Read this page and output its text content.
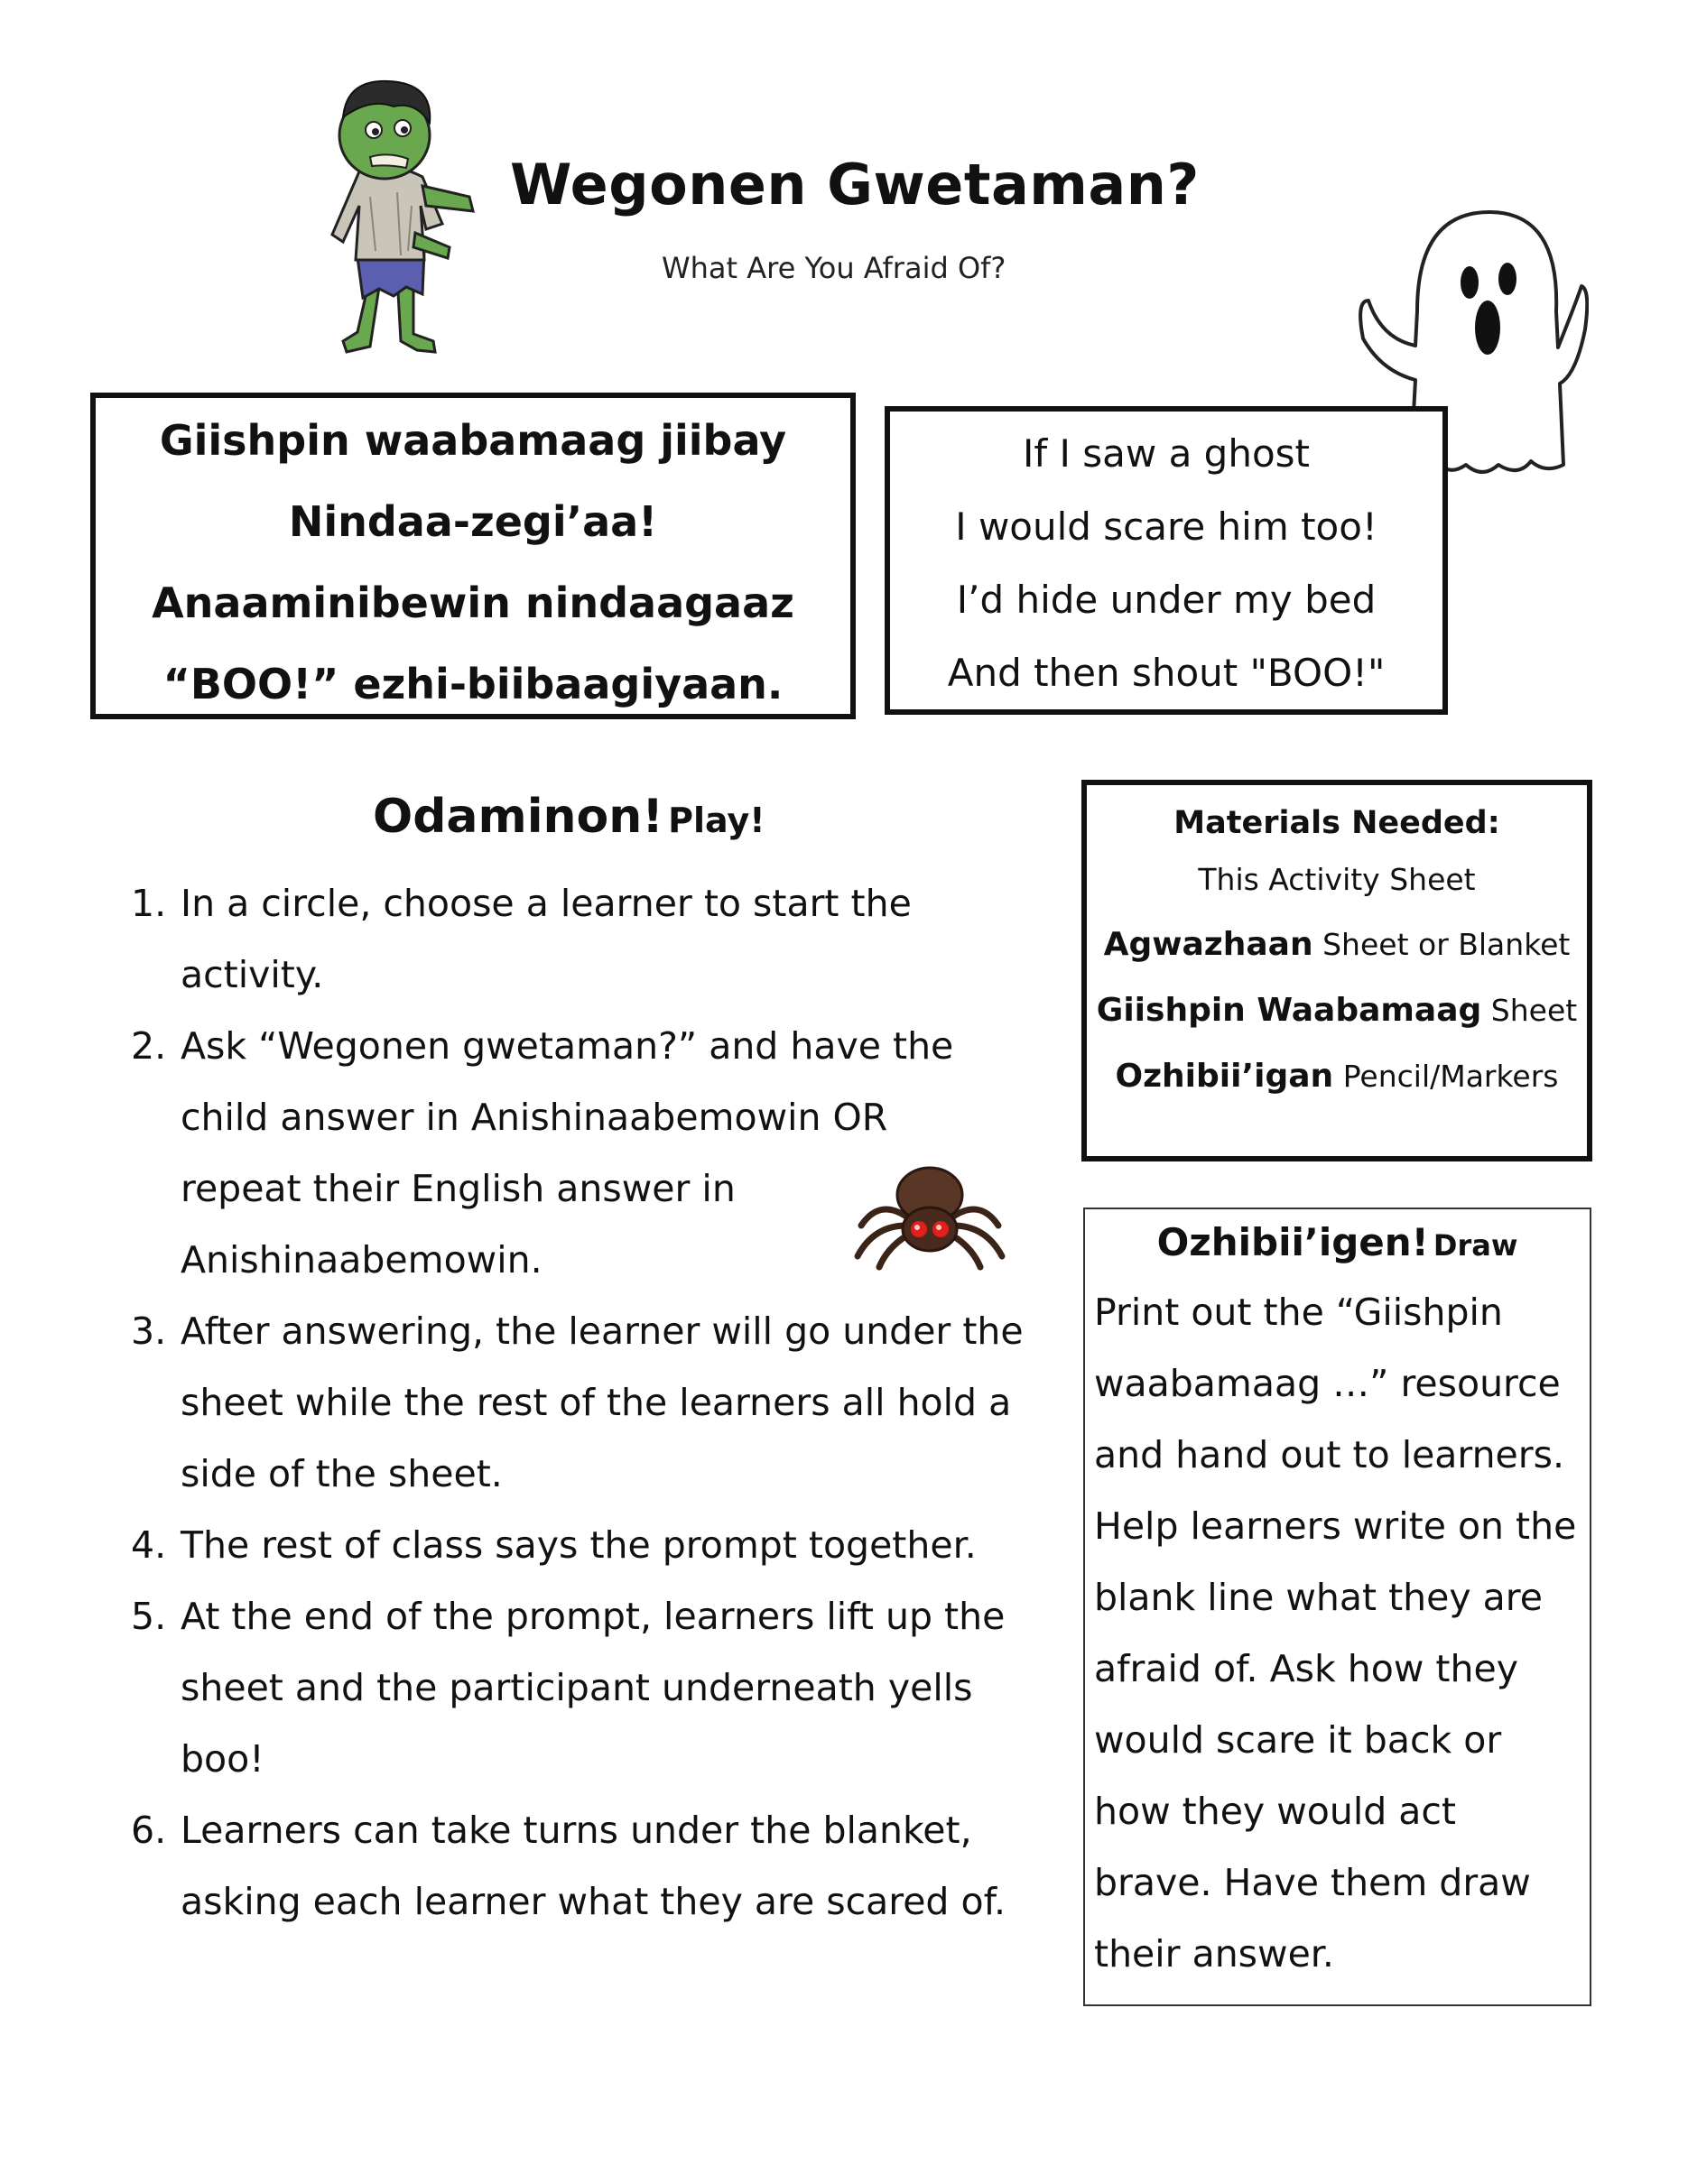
Wegonen Gwetaman?
What Are You Afraid Of?
Giishpin waabamaag jiibay
Nindaa-zegi’aa!
Anaaminibewin nindaagaaz
“BOO!” ezhi-biibaagiyaan.
If I saw a ghost
I would scare him too!
I’d hide under my bed
And then shout "BOO!"
Odaminon! Play!
1. In a circle, choose a learner to start the activity.
2. Ask “Wegonen gwetaman?” and have the child answer in Anishinaabemowin OR repeat their English answer in Anishinaabemowin.
3. After answering, the learner will go under the sheet while the rest of the learners all hold a side of the sheet.
4. The rest of class says the prompt together.
5. At the end of the prompt, learners lift up the sheet and the participant underneath yells boo!
6. Learners can take turns under the blanket, asking each learner what they are scared of.
Materials Needed:
This Activity Sheet
Agwazhaan Sheet or Blanket
Giishpin Waabamaag Sheet
Ozhibii’igan Pencil/Markers
Ozhibii’igen! Draw
Print out the “Giishpin waabamaag …” resource and hand out to learners. Help learners write on the blank line what they are afraid of. Ask how they would scare it back or how they would act brave. Have them draw their answer.
